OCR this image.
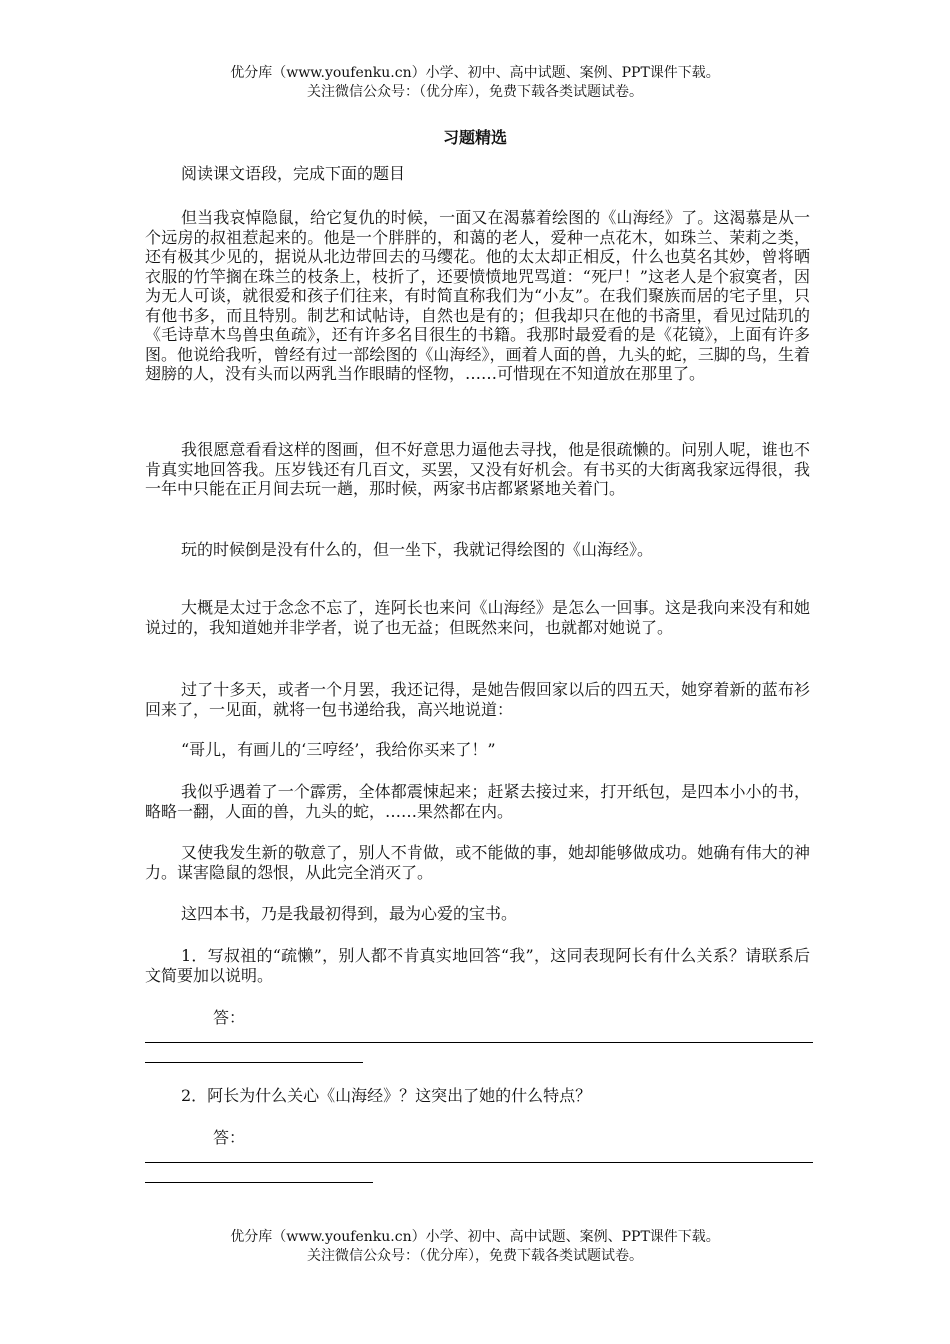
优分库（www.youfenku.cn）小学、初中、高中试题、案例、PPT课件下载。
关注微信公众号：（优分库），免费下载各类试题试卷。
习题精选

阅读课文语段，完成下面的题目

但当我哀悼隐鼠，给它复仇的时候，一面又在渴慕着绘图的《山海经》了。这渴慕是从一个远房的叔祖惹起来的。他是一个胖胖的，和蔼的老人，爱种一点花木，如珠兰、茉莉之类，还有极其少见的，据说从北边带回去的马缨花。他的太太却正相反，什么也莫名其妙，曾将晒衣服的竹竿搁在珠兰的枝条上，枝折了，还要愤愤地咒骂道：“死尸！”这老人是个寂寞者，因为无人可谈，就很爱和孩子们往来，有时简直称我们为“小友”。在我们聚族而居的宅子里，只有他书多，而且特别。制艺和试帖诗，自然也是有的；但我却只在他的书斋里，看见过陆玑的《毛诗草木鸟兽虫鱼疏》，还有许多名目很生的书籍。我那时最爱看的是《花镜》，上面有许多图。他说给我听，曾经有过一部绘图的《山海经》，画着人面的兽，九头的蛇，三脚的鸟，生着翅膀的人，没有头而以两乳当作眼睛的怪物，……可惜现在不知道放在那里了。

我很愿意看看这样的图画，但不好意思力逼他去寻找，他是很疏懒的。问别人呢，谁也不肯真实地回答我。压岁钱还有几百文，买罢，又没有好机会。有书买的大街离我家远得很，我一年中只能在正月间去玩一趟，那时候，两家书店都紧紧地关着门。

玩的时候倒是没有什么的，但一坐下，我就记得绘图的《山海经》。

大概是太过于念念不忘了，连阿长也来问《山海经》是怎么一回事。这是我向来没有和她说过的，我知道她并非学者，说了也无益；但既然来问，也就都对她说了。

过了十多天，或者一个月罢，我还记得，是她告假回家以后的四五天，她穿着新的蓝布衫回来了，一见面，就将一包书递给我，高兴地说道：

“哥儿，有画儿的‘三哼经’，我给你买来了！”

我似乎遇着了一个霹雳，全体都震悚起来；赶紧去接过来，打开纸包，是四本小小的书，略略一翻，人面的兽，九头的蛇，……果然都在内。

又使我发生新的敬意了，别人不肯做，或不能做的事，她却能够做成功。她确有伟大的神力。谋害隐鼠的怨恨，从此完全消灭了。

这四本书，乃是我最初得到，最为心爱的宝书。

1．写叔祖的“疏懒”，别人都不肯真实地回答“我”，这同表现阿长有什么关系？请联系后文简要加以说明。

答：

2．阿长为什么关心《山海经》？这突出了她的什么特点？

答：

优分库（www.youfenku.cn）小学、初中、高中试题、案例、PPT课件下载。
关注微信公众号：（优分库），免费下载各类试题试卷。
